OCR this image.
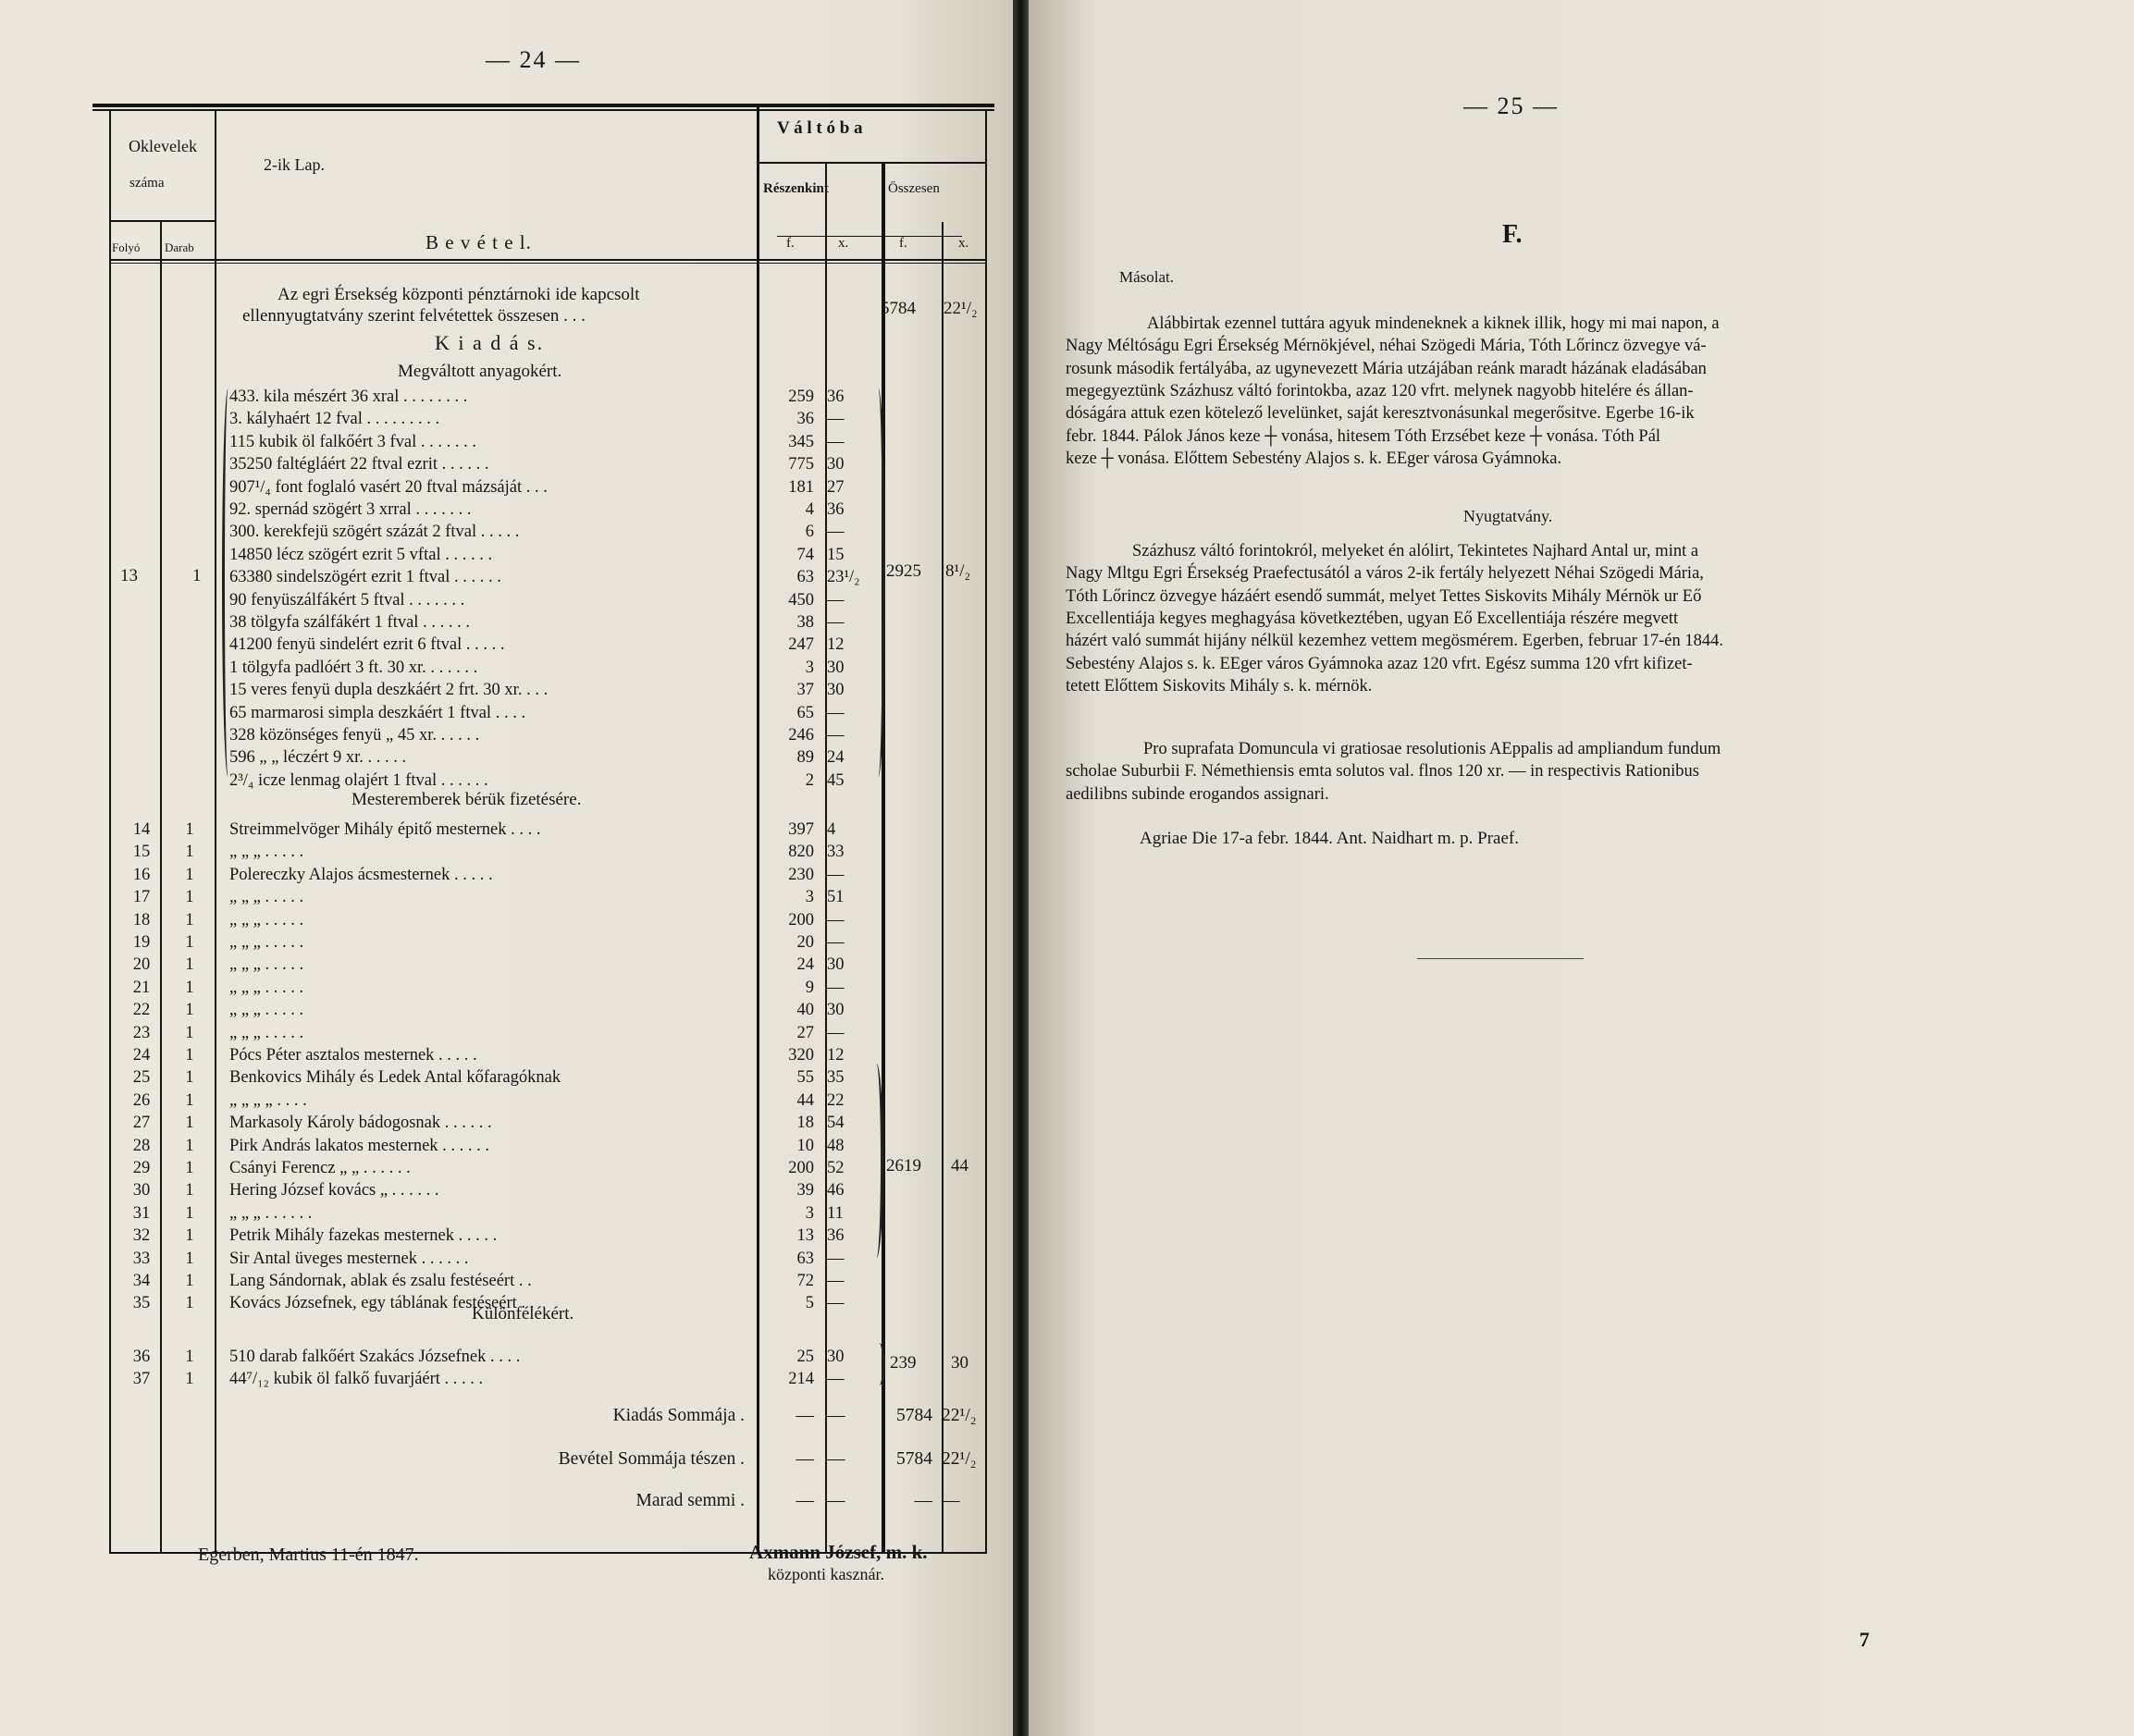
— 24 —
Oklevelek
száma
Folyó Darab
2-ik Lap.
V á l t ó b a
Részenkint	Összesen
f.	x.	f.	x.
B e v é t e l.
Az egri Érsekség központi pénztárnoki ide kapcsolt
ellennyugtatvány szerint felvétettek összesen . . .	5784 22¹/₂
K i a d á s.
Megváltott anyagokért.
433. kila mészért 36 xral . . . . . . . .	259 36
3. kályhaért 12 fval . . . . . . . . .	36 —
115 kubik öl falkőért 3 fval . . . . . . .	345 —
35250 faltégláért 22 ftval ezrit . . . . . .	775 30
907¹/₄ font foglaló vasért 20 ftval mázsáját . . .	181 27
92. spernád szögért 3 xrral . . . . . . .	4 36
300. kerekfejü szögért százát 2 ftval . . . . .	6 —
14850 lécz szögért ezrit 5 vftal . . . . . .	74 15
63380 sindelszögért ezrit 1 ftval . . . . . .	63 23¹/₂
90 fenyüszálfákért 5 ftval . . . . . . .	450 —
38 tölgyfa szálfákért 1 ftval . . . . . .	38 —
41200 fenyü sindelért ezrit 6 ftval . . . . .	247 12
1 tölgyfa padlóért 3 ft. 30 xr. . . . . . .	3 30
15 veres fenyü dupla deszkáért 2 frt. 30 xr. . . .	37 30
65 marmarosi simpla deszkáért 1 ftval . . . .	65 —
328 közönséges fenyü „ 45 xr. . . . . .	246 —
596 „ „ léczért 9 xr. . . . . .	89 24
2³/₄ icze lenmag olajért 1 ftval . . . . . .	2 45
13	1	2925 8¹/₂
Mesteremberek bérük fizetésére.
14	1	Streimmelvöger Mihály épitő mesternek . . . .	397 4
15	1	„ „ „ . . . . .	820 33
16	1	Polereczky Alajos ácsmesternek . . . . .	230 —
17	1	„ „ „ . . . . .	3 51
18	1	„ „ „ . . . . .	200 —
19	1	„ „ „ . . . . .	20 —
20	1	„ „ „ . . . . .	24 30
21	1	„ „ „ . . . . .	9 —
22	1	„ „ „ . . . . .	40 30
23	1	„ „ „ . . . . .	27 —
24	1	Pócs Péter asztalos mesternek . . . . .	320 12
25	1	Benkovics Mihály és Ledek Antal kőfaragóknak	55 35
26	1	„ „ „ „ . . . .	44 22
27	1	Markasoly Károly bádogosnak . . . . . .	18 54
28	1	Pirk András lakatos mesternek . . . . . .	10 48
29	1	Csányi Ferencz „ „ . . . . . .	200 52
30	1	Hering József kovács „ . . . . . .	39 46
31	1	„ „ „ . . . . . .	3 11
32	1	Petrik Mihály fazekas mesternek . . . . .	13 36
33	1	Sir Antal üveges mesternek . . . . . .	63 —
34	1	Lang Sándornak, ablak és zsalu festéseért . .	72 —
35	1	Kovács Józsefnek, egy táblának festéseért . .	5 —
2619 44
Különfélékért.
36	1	510 darab falkőért Szakács Józsefnek . . . .	25 30
37	1	44⁷/₁₂ kubik öl falkő fuvarjáért . . . . .	214 —
239 30
Kiadás Sommája .	— —	5784 22¹/₂
Bevétel Sommája tészen .	— —	5784 22¹/₂
Marad semmi .	— —	— —
Egerben, Martius 11-én 1847.	Axmann József, m. k.
központi kasznár.
— 25 —
F.
Másolat.
Alábbirtak ezennel tuttára agyuk mindeneknek a kiknek illik, hogy mi mai napon, a
Nagy Méltóságu Egri Érsekség Mérnökjével, néhai Szögedi Mária, Tóth Lőrincz özvegye vá-
rosunk második fertályába, az ugynevezett Mária utzájában reánk maradt házának eladásában
megegyeztünk Százhusz váltó forintokba, azaz 120 vfrt. melynek nagyobb hitelére és állan-
dóságára attuk ezen kötelező levelünket, saját keresztvonásunkal megerősitve. Egerbe 16-ik
febr. 1844. Pálok János keze ┼ vonása, hitesem Tóth Erzsébet keze ┼ vonása. Tóth Pál
keze ┼ vonása. Előttem Sebestény Alajos s. k. EEger városa Gyámnoka.
Nyugtatvány.
Százhusz váltó forintokról, melyeket én alólirt, Tekintetes Najhard Antal ur, mint a
Nagy Mltgu Egri Érsekség Praefectusától a város 2-ik fertály helyezett Néhai Szögedi Mária,
Tóth Lőrincz özvegye házáért esendő summát, melyet Tettes Siskovits Mihály Mérnök ur Eő
Excellentiája kegyes meghagyása következtében, ugyan Eő Excellentiája részére megvett
házért való summát hijány nélkül kezemhez vettem megösmérem. Egerben, februar 17-én 1844.
Sebestény Alajos s. k. EEger város Gyámnoka azaz 120 vfrt. Egész summa 120 vfrt kifizet-
tetett Előttem Siskovits Mihály s. k. mérnök.
Pro suprafata Domuncula vi gratiosae resolutionis AEppalis ad ampliandum fundum
scholae Suburbii F. Némethiensis emta solutos val. flnos 120 xr. — in respectivis Rationibus
aedilibns subinde erogandos assignari.
Agriae Die 17-a febr. 1844. Ant. Naidhart m. p. Praef.
7
